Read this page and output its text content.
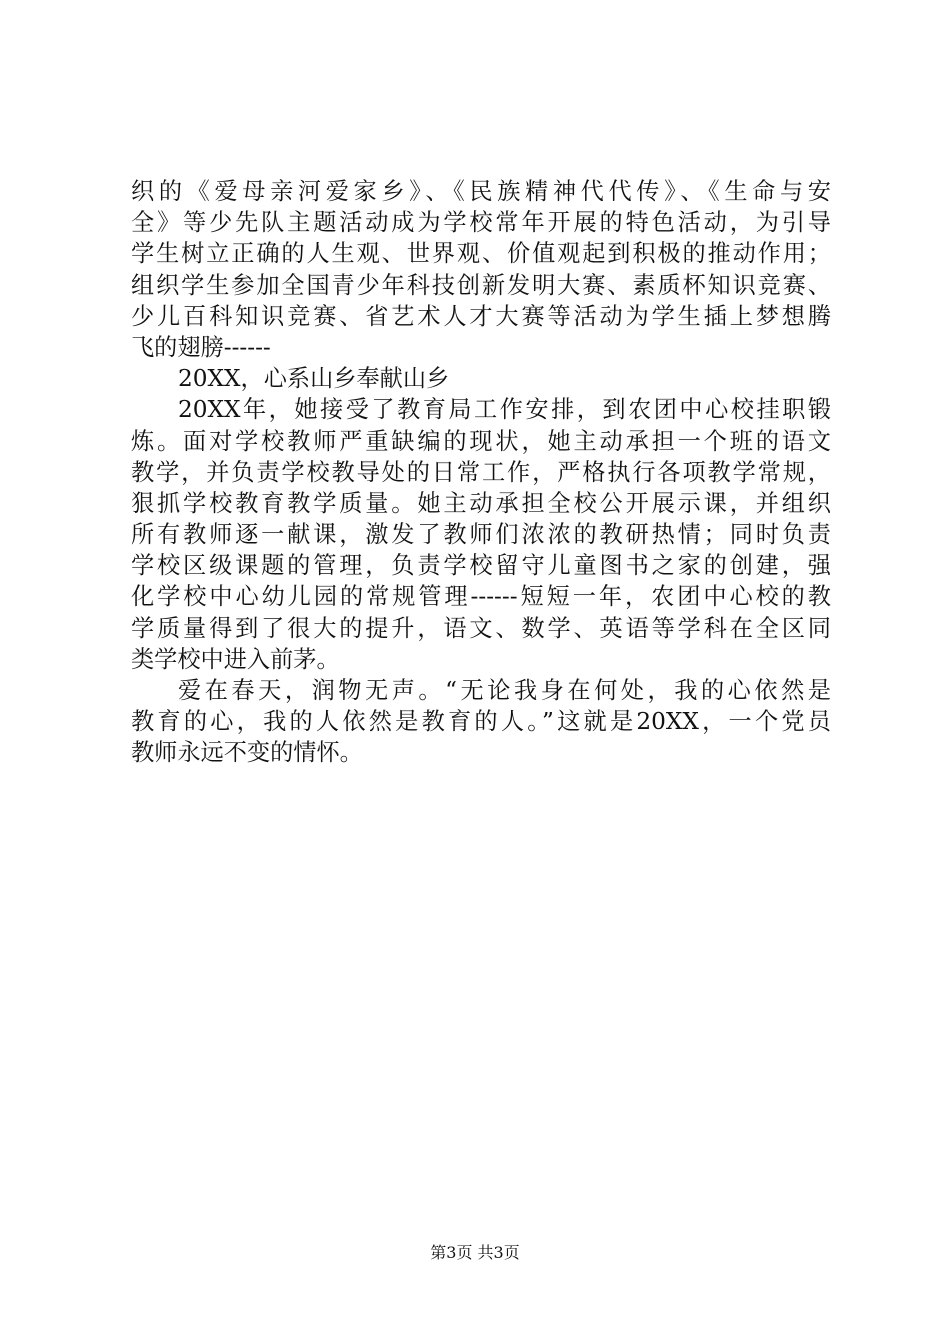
织的《爱母亲河爱家乡》、《民族精神代代传》、《生命与安
全》等少先队主题活动成为学校常年开展的特色活动，为引导
学生树立正确的人生观、世界观、价值观起到积极的推动作用；
组织学生参加全国青少年科技创新发明大赛、素质杯知识竞赛、
少儿百科知识竞赛、省艺术人才大赛等活动为学生插上梦想腾
飞的翅膀------
20XX，心系山乡奉献山乡
20XX年，她接受了教育局工作安排，到农团中心校挂职锻
炼。面对学校教师严重缺编的现状，她主动承担一个班的语文
教学，并负责学校教导处的日常工作，严格执行各项教学常规，
狠抓学校教育教学质量。她主动承担全校公开展示课，并组织
所有教师逐一献课，激发了教师们浓浓的教研热情；同时负责
学校区级课题的管理，负责学校留守儿童图书之家的创建，强
化学校中心幼儿园的常规管理------短短一年，农团中心校的教
学质量得到了很大的提升，语文、数学、英语等学科在全区同
类学校中进入前茅。
爱在春天，润物无声。“无论我身在何处，我的心依然是
教育的心，我的人依然是教育的人。”这就是20XX，一个党员
教师永远不变的情怀。
第3页 共3页
